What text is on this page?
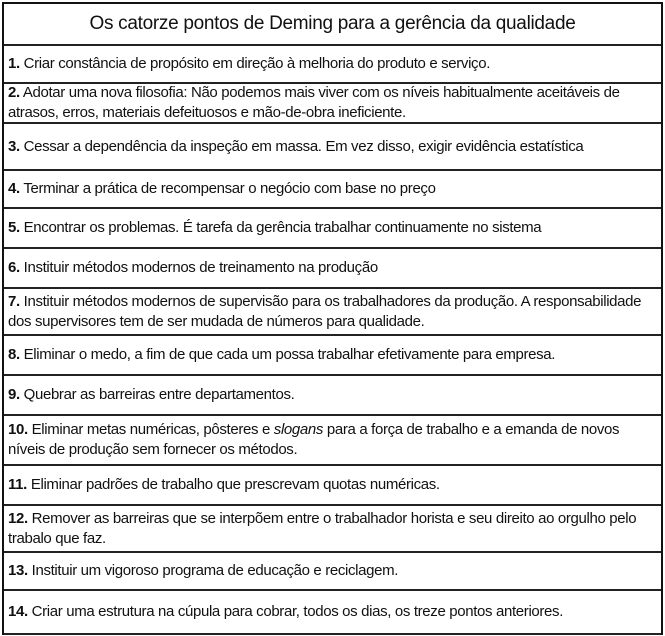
Os catorze pontos de Deming para a gerência da qualidade
1. Criar constância de propósito em direção à melhoria do produto e serviço.
2. Adotar uma nova filosofia: Não podemos mais viver com os níveis habitualmente aceitáveis de atrasos, erros, materiais defeituosos e mão-de-obra ineficiente.
3. Cessar a dependência da inspeção em massa. Em vez disso, exigir evidência estatística
4. Terminar a prática de recompensar o negócio com base no preço
5. Encontrar os problemas. É tarefa da gerência trabalhar continuamente no sistema
6. Instituir métodos modernos de treinamento na produção
7. Instituir métodos modernos de supervisão para os trabalhadores da produção. A responsabilidade dos supervisores tem de ser mudada de números para qualidade.
8. Eliminar o medo, a fim de que cada um possa trabalhar efetivamente para empresa.
9. Quebrar as barreiras entre departamentos.
10. Eliminar metas numéricas, pôsteres e slogans para a força de trabalho e a emanda de novos níveis de produção sem fornecer os métodos.
11. Eliminar padrões de trabalho que prescrevam quotas numéricas.
12. Remover as barreiras que se interpõem entre o trabalhador horista e seu direito ao orgulho pelo trabalo que faz.
13. Instituir um vigoroso programa de educação e reciclagem.
14. Criar uma estrutura na cúpula para cobrar, todos os dias, os treze pontos anteriores.
